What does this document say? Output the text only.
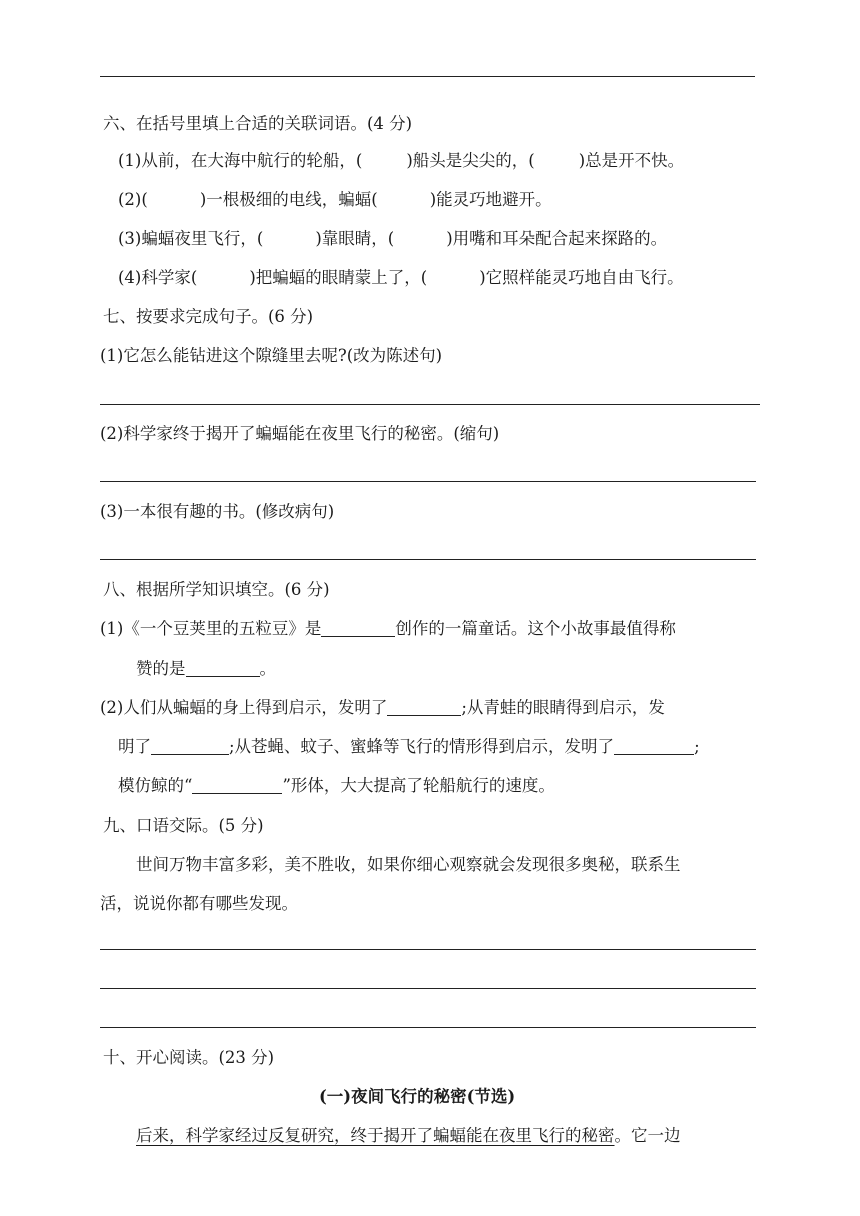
六、在括号里填上合适的关联词语。(4 分)
(1)从前，在大海中航行的轮船，(	)船头是尖尖的，(	)总是开不快。
(2)(	)一根极细的电线，蝙蝠(	)能灵巧地避开。
(3)蝙蝠夜里飞行，(	)靠眼睛，(	)用嘴和耳朵配合起来探路的。
(4)科学家(	)把蝙蝠的眼睛蒙上了，(	)它照样能灵巧地自由飞行。
七、按要求完成句子。(6 分)
(1)它怎么能钻进这个隙缝里去呢?(改为陈述句)
(2)科学家终于揭开了蝙蝠能在夜里飞行的秘密。(缩句)
(3)一本很有趣的书。(修改病句)
八、根据所学知识填空。(6 分)
(1)《一个豆荚里的五粒豆》是	创作的一篇童话。这个小故事最值得称
赞的是	。
(2)人们从蝙蝠的身上得到启示，发明了	;从青蛙的眼睛得到启示，发
明了	;从苍蝇、蚊子、蜜蜂等飞行的情形得到启示，发明了	;
模仿鲸的“	”形体，大大提高了轮船航行的速度。
九、口语交际。(5 分)
世间万物丰富多彩，美不胜收，如果你细心观察就会发现很多奥秘，联系生
活，说说你都有哪些发现。
十、开心阅读。(23 分)
(一)夜间飞行的秘密(节选)
后来，科学家经过反复研究，终于揭开了蝙蝠能在夜里飞行的秘密。它一边
